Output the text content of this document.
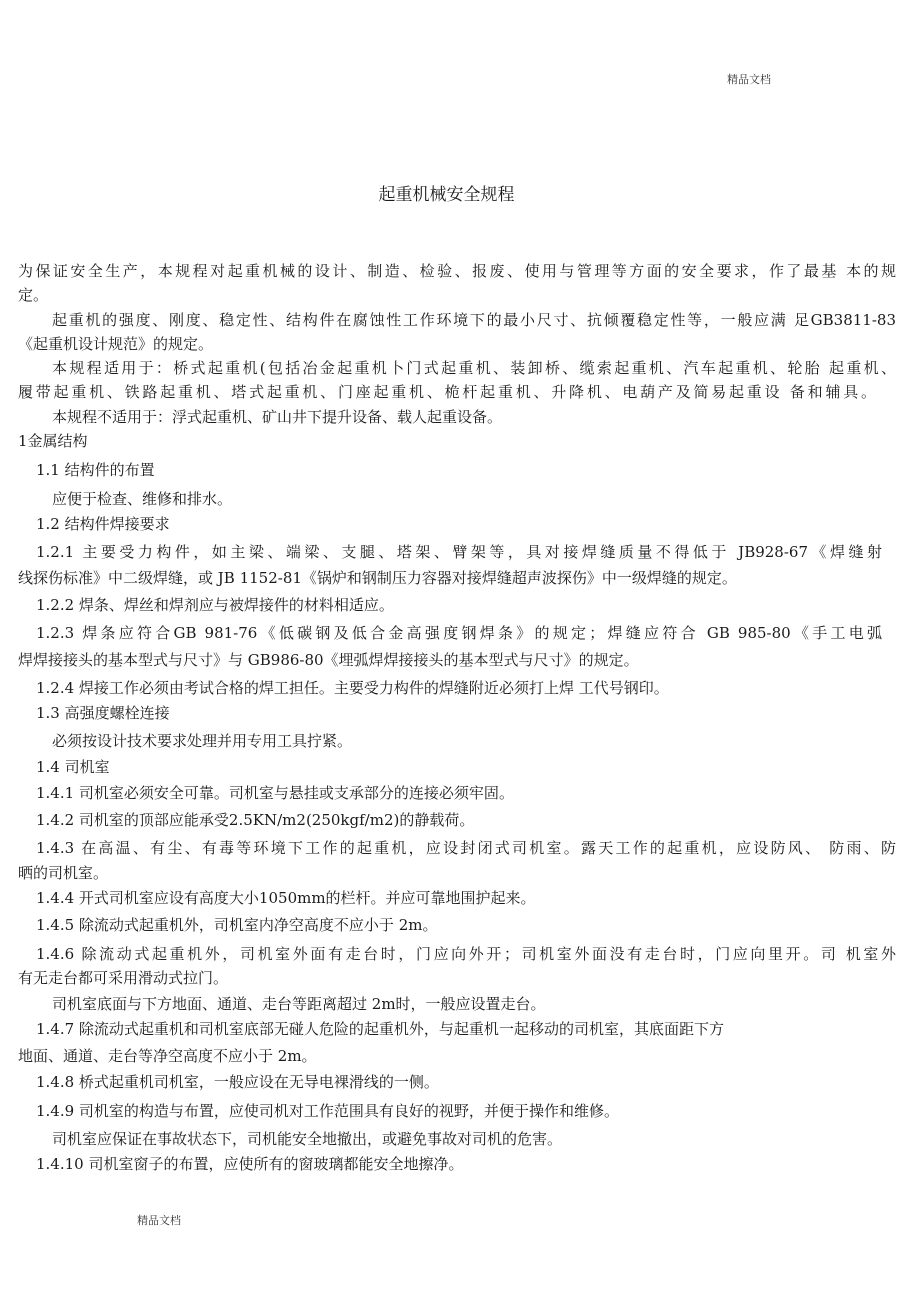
精品文档
起重机械安全规程
为保证安全生产，本规程对起重机械的设计、制造、检验、报废、使用与管理等方面的安全要求，作了最基 本的规
定。
起重机的强度、刚度、稳定性、结构件在腐蚀性工作环境下的最小尺寸、抗倾覆稳定性等，一般应满 足GB3811-83
《起重机设计规范》的规定。
本规程适用于：桥式起重机(包括冶金起重机卜门式起重机、装卸桥、缆索起重机、汽车起重机、轮胎 起重机、
履带起重机、铁路起重机、塔式起重机、门座起重机、桅杆起重机、升降机、电葫产及简易起重设 备和辅具。
本规程不适用于：浮式起重机、矿山井下提升设备、载人起重设备。
1金属结构
1.1 结构件的布置
应便于检查、维修和排水。
1.2 结构件焊接要求
1.2.1 主要受力构件，如主梁、端梁、支腿、塔架、臂架等，具对接焊缝质量不得低于 JB928-67《焊缝射
线探伤标准》中二级焊缝，或 JB 1152-81《锅炉和钢制压力容器对接焊缝超声波探伤》中一级焊缝的规定。
1.2.2 焊条、焊丝和焊剂应与被焊接件的材料相适应。
1.2.3 焊条应符合GB 981-76《低碳钢及低合金高强度钢焊条》的规定；焊缝应符合 GB 985-80《手工电弧
焊焊接接头的基本型式与尺寸》与 GB986-80《埋弧焊焊接接头的基本型式与尺寸》的规定。
1.2.4 焊接工作必须由考试合格的焊工担任。主要受力构件的焊缝附近必须打上焊 工代号钢印。
1.3 高强度螺栓连接
必须按设计技术要求处理并用专用工具拧紧。
1.4 司机室
1.4.1 司机室必须安全可靠。司机室与悬挂或支承部分的连接必须牢固。
1.4.2 司机室的顶部应能承受2.5KN/m2(250kgf/m2)的静载荷。
1.4.3 在高温、有尘、有毒等环境下工作的起重机，应设封闭式司机室。露天工作的起重机，应设防风、 防雨、防
晒的司机室。
1.4.4 开式司机室应设有高度大小1050mm的栏杆。并应可靠地围护起来。
1.4.5 除流动式起重机外，司机室内净空高度不应小于 2m。
1.4.6 除流动式起重机外，司机室外面有走台时，门应向外开；司机室外面没有走台时，门应向里开。司 机室外
有无走台都可采用滑动式拉门。
司机室底面与下方地面、通道、走台等距离超过 2m时，一般应设置走台。
1.4.7 除流动式起重机和司机室底部无碰人危险的起重机外，与起重机一起移动的司机室，其底面距下方
地面、通道、走台等净空高度不应小于 2m。
1.4.8 桥式起重机司机室，一般应设在无导电裸滑线的一侧。
1.4.9 司机室的构造与布置，应使司机对工作范围具有良好的视野，并便于操作和维修。
司机室应保证在事故状态下，司机能安全地撤出，或避免事故对司机的危害。
1.4.10 司机室窗子的布置，应使所有的窗玻璃都能安全地擦净。
精品文档
